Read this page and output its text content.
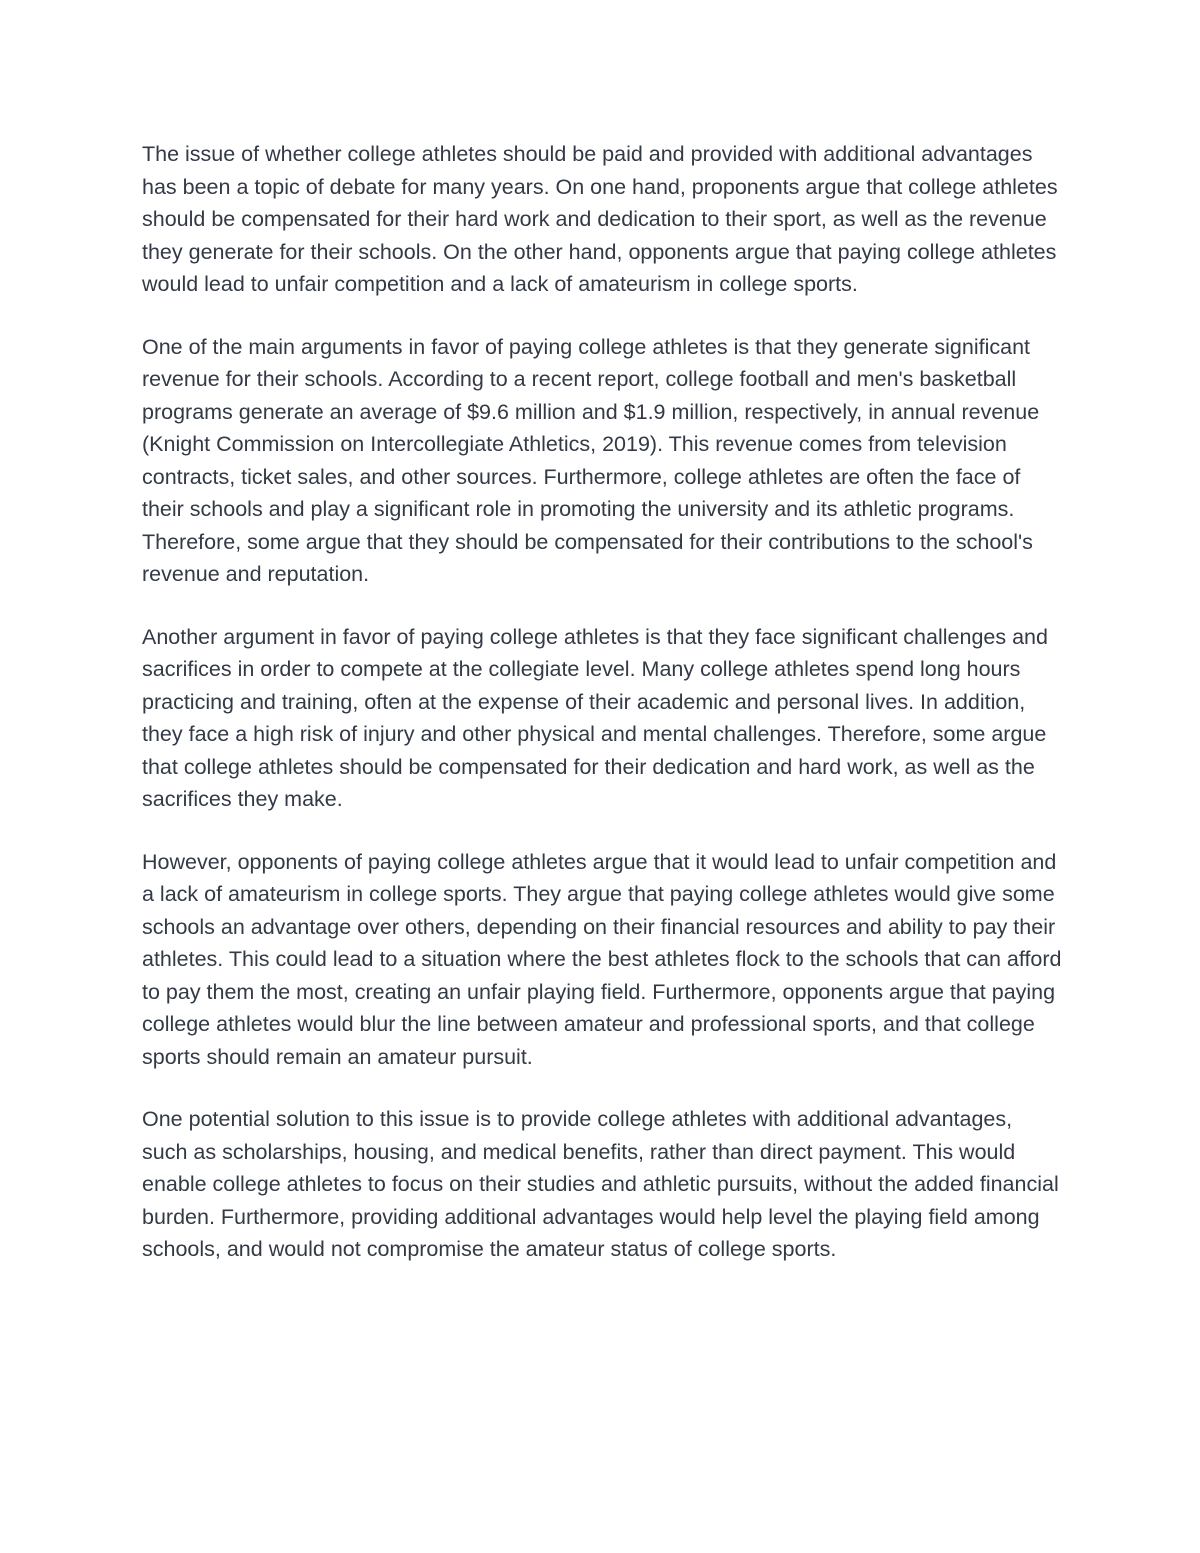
The issue of whether college athletes should be paid and provided with additional advantages has been a topic of debate for many years. On one hand, proponents argue that college athletes should be compensated for their hard work and dedication to their sport, as well as the revenue they generate for their schools. On the other hand, opponents argue that paying college athletes would lead to unfair competition and a lack of amateurism in college sports.

One of the main arguments in favor of paying college athletes is that they generate significant revenue for their schools. According to a recent report, college football and men's basketball programs generate an average of $9.6 million and $1.9 million, respectively, in annual revenue (Knight Commission on Intercollegiate Athletics, 2019). This revenue comes from television contracts, ticket sales, and other sources. Furthermore, college athletes are often the face of their schools and play a significant role in promoting the university and its athletic programs. Therefore, some argue that they should be compensated for their contributions to the school's revenue and reputation.

Another argument in favor of paying college athletes is that they face significant challenges and sacrifices in order to compete at the collegiate level. Many college athletes spend long hours practicing and training, often at the expense of their academic and personal lives. In addition, they face a high risk of injury and other physical and mental challenges. Therefore, some argue that college athletes should be compensated for their dedication and hard work, as well as the sacrifices they make.

However, opponents of paying college athletes argue that it would lead to unfair competition and a lack of amateurism in college sports. They argue that paying college athletes would give some schools an advantage over others, depending on their financial resources and ability to pay their athletes. This could lead to a situation where the best athletes flock to the schools that can afford to pay them the most, creating an unfair playing field. Furthermore, opponents argue that paying college athletes would blur the line between amateur and professional sports, and that college sports should remain an amateur pursuit.

One potential solution to this issue is to provide college athletes with additional advantages, such as scholarships, housing, and medical benefits, rather than direct payment. This would enable college athletes to focus on their studies and athletic pursuits, without the added financial burden. Furthermore, providing additional advantages would help level the playing field among schools, and would not compromise the amateur status of college sports.
